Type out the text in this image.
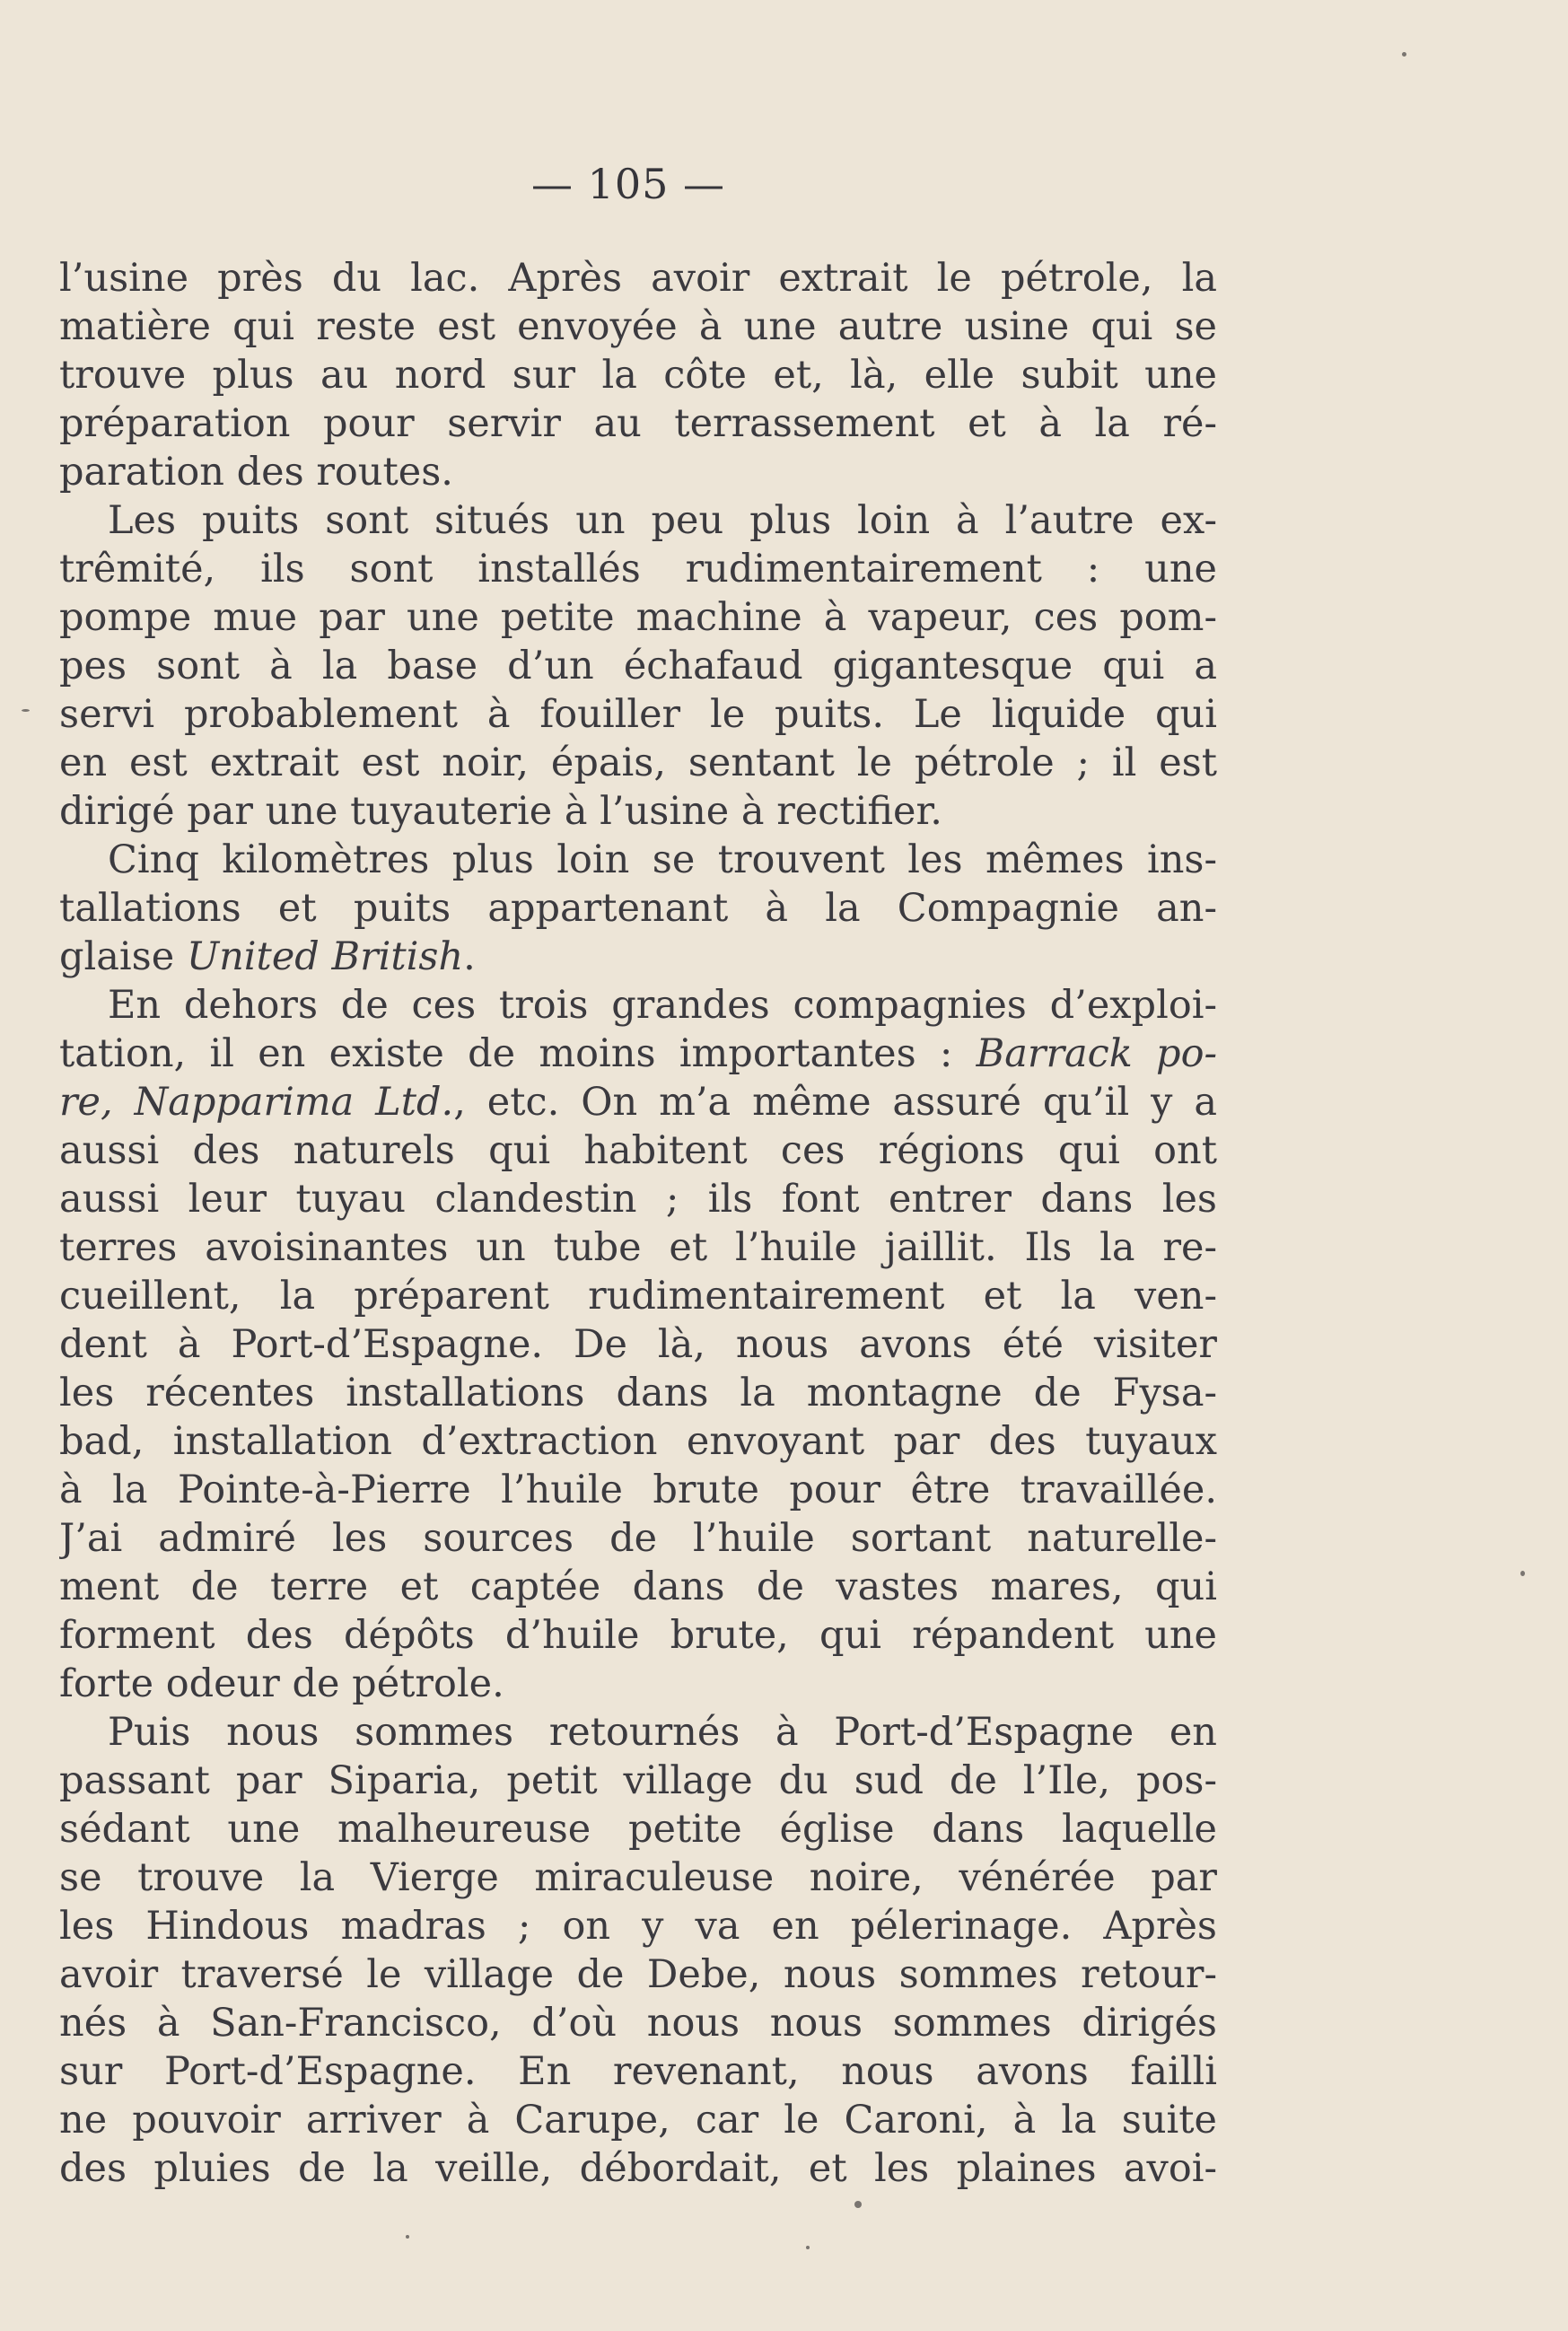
— 105 —
l’usine près du lac. Après avoir extrait le pétrole, la
matière qui reste est envoyée à une autre usine qui se
trouve plus au nord sur la côte et, là, elle subit une
préparation pour servir au terrassement et à la ré-
paration des routes.
Les puits sont situés un peu plus loin à l’autre ex-
trêmité, ils sont installés rudimentairement : une
pompe mue par une petite machine à vapeur, ces pom-
pes sont à la base d’un échafaud gigantesque qui a
servi probablement à fouiller le puits. Le liquide qui
en est extrait est noir, épais, sentant le pétrole ; il est
dirigé par une tuyauterie à l’usine à rectifier.
Cinq kilomètres plus loin se trouvent les mêmes ins-
tallations et puits appartenant à la Compagnie an-
glaise United British.
En dehors de ces trois grandes compagnies d’exploi-
tation, il en existe de moins importantes : Barrack po-
re, Napparima Ltd., etc. On m’a même assuré qu’il y a
aussi des naturels qui habitent ces régions qui ont
aussi leur tuyau clandestin ; ils font entrer dans les
terres avoisinantes un tube et l’huile jaillit. Ils la re-
cueillent, la préparent rudimentairement et la ven-
dent à Port-d’Espagne. De là, nous avons été visiter
les récentes installations dans la montagne de Fysa-
bad, installation d’extraction envoyant par des tuyaux
à la Pointe-à-Pierre l’huile brute pour être travaillée.
J’ai admiré les sources de l’huile sortant naturelle-
ment de terre et captée dans de vastes mares, qui
forment des dépôts d’huile brute, qui répandent une
forte odeur de pétrole.
Puis nous sommes retournés à Port-d’Espagne en
passant par Siparia, petit village du sud de l’Ile, pos-
sédant une malheureuse petite église dans laquelle
se trouve la Vierge miraculeuse noire, vénérée par
les Hindous madras ; on y va en pélerinage. Après
avoir traversé le village de Debe, nous sommes retour-
nés à San-Francisco, d’où nous nous sommes dirigés
sur Port-d’Espagne. En revenant, nous avons failli
ne pouvoir arriver à Carupe, car le Caroni, à la suite
des pluies de la veille, débordait, et les plaines avoi-
